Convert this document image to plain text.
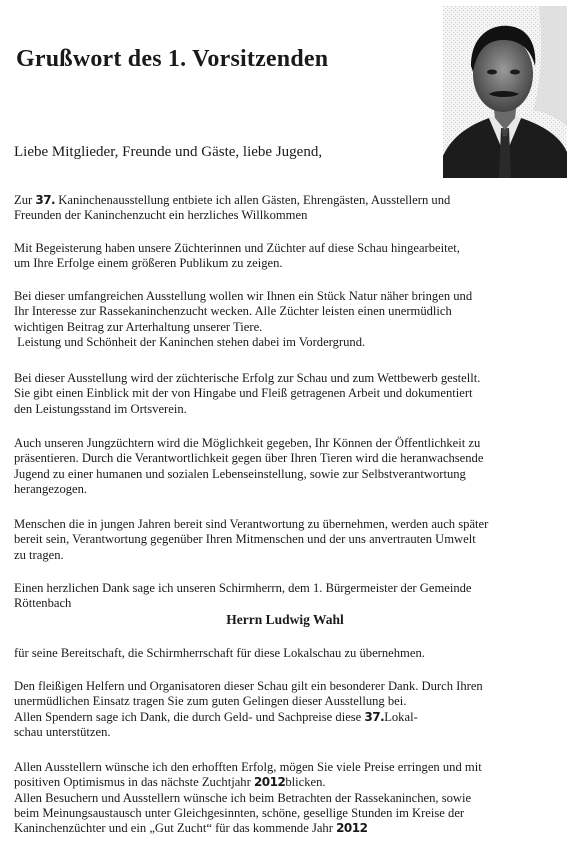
Grußwort des 1. Vorsitzenden
Liebe Mitglieder, Freunde und Gäste, liebe Jugend,

Zur 37. Kaninchenausstellung entbiete ich allen Gästen, Ehrengästen, Ausstellern und

Freunden der Kaninchenzucht ein herzliches Willkommen

Mit Begeisterung haben unsere Züchterinnen und Züchter auf diese Schau hingearbeitet,

um Ihre Erfolge einem größeren Publikum zu zeigen.

Bei dieser umfangreichen Ausstellung wollen wir Ihnen ein Stück Natur näher bringen und

Ihr Interesse zur Rassekaninchenzucht wecken. Alle Züchter leisten einen unermüdlich

wichtigen Beitrag zur Arterhaltung unserer Tiere.

Leistung und Schönheit der Kaninchen stehen dabei im Vordergrund.

Bei dieser Ausstellung wird der züchterische Erfolg zur Schau und zum Wettbewerb gestellt.

Sie gibt einen Einblick mit der von Hingabe und Fleiß getragenen Arbeit und dokumentiert

den Leistungsstand im Ortsverein.

Auch unseren Jungzüchtern wird die Möglichkeit gegeben, Ihr Können der Öffentlichkeit zu

präsentieren. Durch die Verantwortlichkeit gegen über Ihren Tieren wird die heranwachsende

Jugend zu einer humanen und sozialen Lebenseinstellung, sowie zur Selbstverantwortung

herangezogen.

Menschen die in jungen Jahren bereit sind Verantwortung zu übernehmen, werden auch später

bereit sein, Verantwortung gegenüber Ihren Mitmenschen und der uns anvertrauten Umwelt

zu tragen.

Einen herzlichen Dank sage ich unseren Schirmherrn, dem 1. Bürgermeister der Gemeinde

Röttenbach

Herrn Ludwig Wahl

für seine Bereitschaft, die Schirmherrschaft für diese Lokalschau zu übernehmen.

Den fleißigen Helfern und Organisatoren dieser Schau gilt ein besonderer Dank. Durch Ihren

unermüdlichen Einsatz tragen Sie zum guten Gelingen dieser Ausstellung bei.

Allen Spendern sage ich Dank, die durch Geld- und Sachpreise diese 37.Lokal-

schau unterstützen.

Allen Ausstellern wünsche ich den erhofften Erfolg, mögen Sie viele Preise erringen und mit

positiven Optimismus in das nächste Zuchtjahr 2012blicken.

Allen Besuchern und Ausstellern wünsche ich beim Betrachten der Rassekaninchen, sowie

beim Meinungsaustausch unter Gleichgesinnten, schöne, gesellige Stunden im Kreise der

Kaninchenzüchter und ein „Gut Zucht“ für das kommende Jahr 2012
